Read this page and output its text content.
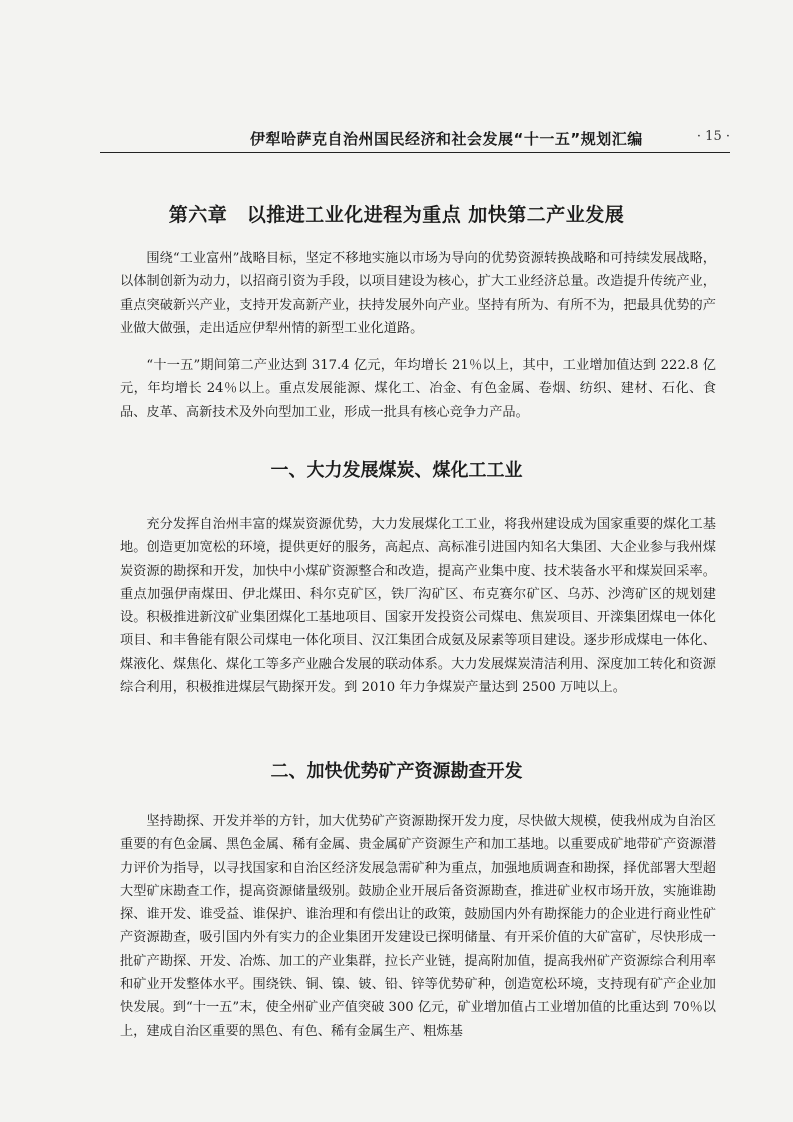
伊犁哈萨克自治州国民经济和社会发展“十一五”规划汇编	· 15 ·
第六章　以推进工业化进程为重点 加快第二产业发展

围绕“工业富州”战略目标，坚定不移地实施以市场为导向的优势资源转换战略和可持续发展战略，以体制创新为动力，以招商引资为手段，以项目建设为核心，扩大工业经济总量。改造提升传统产业，重点突破新兴产业，支持开发高新产业，扶持发展外向产业。坚持有所为、有所不为，把最具优势的产业做大做强，走出适应伊犁州情的新型工业化道路。

“十一五”期间第二产业达到 317.4 亿元，年均增长 21％以上，其中，工业增加值达到 222.8 亿元，年均增长 24％以上。重点发展能源、煤化工、冶金、有色金属、卷烟、纺织、建材、石化、食品、皮革、高新技术及外向型加工业，形成一批具有核心竞争力产品。

一、大力发展煤炭、煤化工工业

充分发挥自治州丰富的煤炭资源优势，大力发展煤化工工业，将我州建设成为国家重要的煤化工基地。创造更加宽松的环境，提供更好的服务，高起点、高标准引进国内知名大集团、大企业参与我州煤炭资源的勘探和开发，加快中小煤矿资源整合和改造，提高产业集中度、技术装备水平和煤炭回采率。重点加强伊南煤田、伊北煤田、科尔克矿区，铁厂沟矿区、布克赛尔矿区、乌苏、沙湾矿区的规划建设。积极推进新汶矿业集团煤化工基地项目、国家开发投资公司煤电、焦炭项目、开滦集团煤电一体化项目、和丰鲁能有限公司煤电一体化项目、汉江集团合成氨及尿素等项目建设。逐步形成煤电一体化、煤液化、煤焦化、煤化工等多产业融合发展的联动体系。大力发展煤炭清洁利用、深度加工转化和资源综合利用，积极推进煤层气勘探开发。到 2010 年力争煤炭产量达到 2500 万吨以上。

二、加快优势矿产资源勘查开发

坚持勘探、开发并举的方针，加大优势矿产资源勘探开发力度，尽快做大规模，使我州成为自治区重要的有色金属、黑色金属、稀有金属、贵金属矿产资源生产和加工基地。以重要成矿地带矿产资源潜力评价为指导，以寻找国家和自治区经济发展急需矿种为重点，加强地质调查和勘探，择优部署大型超大型矿床勘查工作，提高资源储量级别。鼓励企业开展后备资源勘查，推进矿业权市场开放，实施谁勘探、谁开发、谁受益、谁保护、谁治理和有偿出让的政策，鼓励国内外有勘探能力的企业进行商业性矿产资源勘查，吸引国内外有实力的企业集团开发建设已探明储量、有开采价值的大矿富矿，尽快形成一批矿产勘探、开发、冶炼、加工的产业集群，拉长产业链，提高附加值，提高我州矿产资源综合利用率和矿业开发整体水平。围绕铁、铜、镍、铍、铅、锌等优势矿种，创造宽松环境，支持现有矿产企业加快发展。到“十一五”末，使全州矿业产值突破 300 亿元，矿业增加值占工业增加值的比重达到 70％以上，建成自治区重要的黑色、有色、稀有金属生产、粗炼基
